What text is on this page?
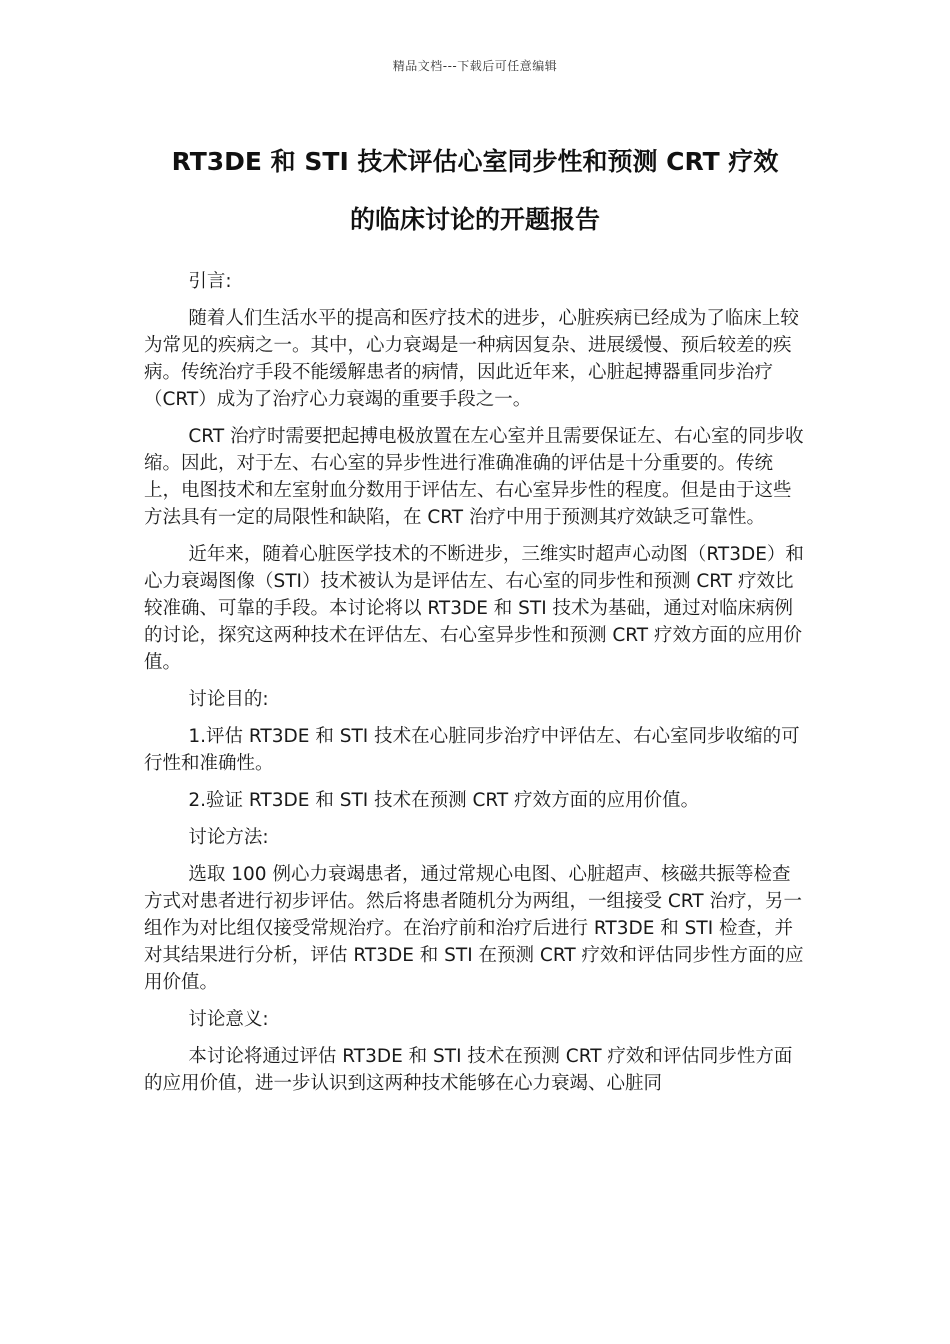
精品文档---下载后可任意编辑
RT3DE 和 STI 技术评估心室同步性和预测 CRT 疗效
的临床讨论的开题报告

引言:

随着人们生活水平的提高和医疗技术的进步，心脏疾病已经成为了临床上较为常见的疾病之一。其中，心力衰竭是一种病因复杂、进展缓慢、预后较差的疾病。传统治疗手段不能缓解患者的病情，因此近年来，心脏起搏器重同步治疗（CRT）成为了治疗心力衰竭的重要手段之一。

CRT 治疗时需要把起搏电极放置在左心室并且需要保证左、右心室的同步收缩。因此，对于左、右心室的异步性进行准确准确的评估是十分重要的。传统上，电图技术和左室射血分数用于评估左、右心室异步性的程度。但是由于这些方法具有一定的局限性和缺陷，在 CRT 治疗中用于预测其疗效缺乏可靠性。

近年来，随着心脏医学技术的不断进步，三维实时超声心动图（RT3DE）和心力衰竭图像（STI）技术被认为是评估左、右心室的同步性和预测 CRT 疗效比较准确、可靠的手段。本讨论将以 RT3DE 和 STI 技术为基础，通过对临床病例的讨论，探究这两种技术在评估左、右心室异步性和预测 CRT 疗效方面的应用价值。

讨论目的:

1.评估 RT3DE 和 STI 技术在心脏同步治疗中评估左、右心室同步收缩的可行性和准确性。

2.验证 RT3DE 和 STI 技术在预测 CRT 疗效方面的应用价值。

讨论方法:

选取 100 例心力衰竭患者，通过常规心电图、心脏超声、核磁共振等检查方式对患者进行初步评估。然后将患者随机分为两组，一组接受 CRT 治疗，另一组作为对比组仅接受常规治疗。在治疗前和治疗后进行 RT3DE 和 STI 检查，并对其结果进行分析，评估 RT3DE 和 STI 在预测 CRT 疗效和评估同步性方面的应用价值。

讨论意义:

本讨论将通过评估 RT3DE 和 STI 技术在预测 CRT 疗效和评估同步性方面的应用价值，进一步认识到这两种技术能够在心力衰竭、心脏同
